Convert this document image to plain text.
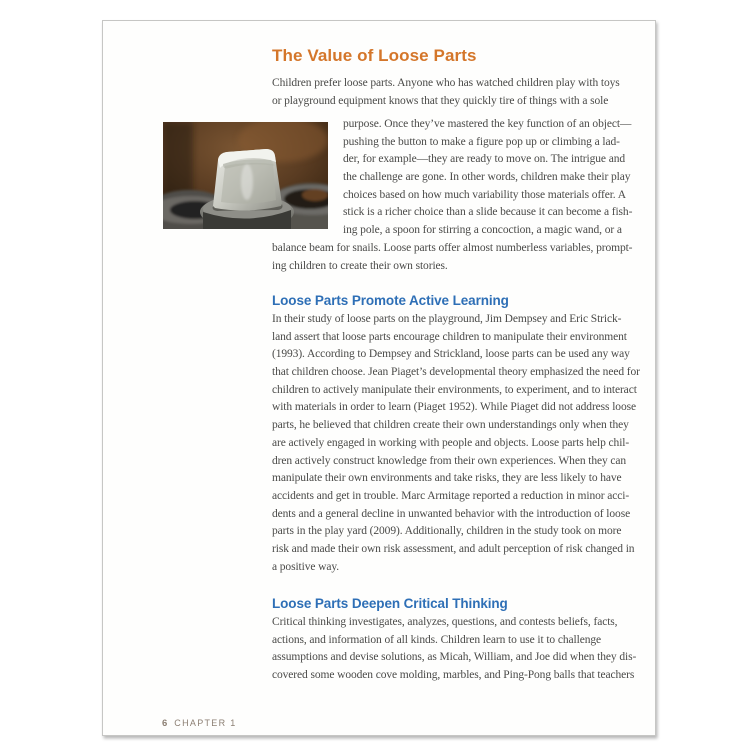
The Value of Loose Parts
Children prefer loose parts. Anyone who has watched children play with toys
or playground equipment knows that they quickly tire of things with a sole
purpose. Once they’ve mastered the key function of an object—
pushing the button to make a figure pop up or climbing a lad-
der, for example—they are ready to move on. The intrigue and
the challenge are gone. In other words, children make their play
choices based on how much variability those materials offer. A
stick is a richer choice than a slide because it can become a fish-
ing pole, a spoon for stirring a concoction, a magic wand, or a
balance beam for snails. Loose parts offer almost numberless variables, prompt-
ing children to create their own stories.
Loose Parts Promote Active Learning
In their study of loose parts on the playground, Jim Dempsey and Eric Strick-
land assert that loose parts encourage children to manipulate their environment
(1993). According to Dempsey and Strickland, loose parts can be used any way
that children choose. Jean Piaget’s developmental theory emphasized the need for
children to actively manipulate their environments, to experiment, and to interact
with materials in order to learn (Piaget 1952). While Piaget did not address loose
parts, he believed that children create their own understandings only when they
are actively engaged in working with people and objects. Loose parts help chil-
dren actively construct knowledge from their own experiences. When they can
manipulate their own environments and take risks, they are less likely to have
accidents and get in trouble. Marc Armitage reported a reduction in minor acci-
dents and a general decline in unwanted behavior with the introduction of loose
parts in the play yard (2009). Additionally, children in the study took on more
risk and made their own risk assessment, and adult perception of risk changed in
a positive way.
Loose Parts Deepen Critical Thinking
Critical thinking investigates, analyzes, questions, and contests beliefs, facts,
actions, and information of all kinds. Children learn to use it to challenge
assumptions and devise solutions, as Micah, William, and Joe did when they dis-
covered some wooden cove molding, marbles, and Ping-Pong balls that teachers
6 CHAPTER 1
